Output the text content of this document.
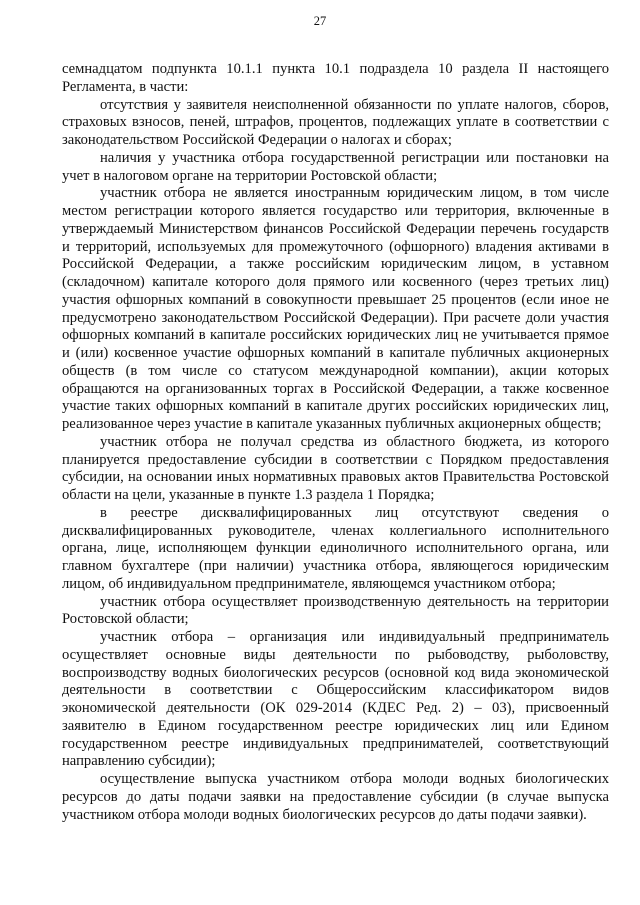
27

семнадцатом подпункта 10.1.1 пункта 10.1 подраздела 10 раздела II настоящего Регламента, в части:

отсутствия у заявителя неисполненной обязанности по уплате налогов, сборов, страховых взносов, пеней, штрафов, процентов, подлежащих уплате в соответствии с законодательством Российской Федерации о налогах и сборах;

наличия у участника отбора государственной регистрации или постановки на учет в налоговом органе на территории Ростовской области;

участник отбора не является иностранным юридическим лицом, в том числе местом регистрации которого является государство или территория, включенные в утверждаемый Министерством финансов Российской Федерации перечень государств и территорий, используемых для промежуточного (офшорного) владения активами в Российской Федерации, а также российским юридическим лицом, в уставном (складочном) капитале которого доля прямого или косвенного (через третьих лиц) участия офшорных компаний в совокупности превышает 25 процентов (если иное не предусмотрено законодательством Российской Федерации). При расчете доли участия офшорных компаний в капитале российских юридических лиц не учитывается прямое и (или) косвенное участие офшорных компаний в капитале публичных акционерных обществ (в том числе со статусом международной компании), акции которых обращаются на организованных торгах в Российской Федерации, а также косвенное участие таких офшорных компаний в капитале других российских юридических лиц, реализованное через участие в капитале указанных публичных акционерных обществ;

участник отбора не получал средства из областного бюджета, из которого планируется предоставление субсидии в соответствии с Порядком предоставления субсидии, на основании иных нормативных правовых актов Правительства Ростовской области на цели, указанные в пункте 1.3 раздела 1 Порядка;

в реестре дисквалифицированных лиц отсутствуют сведения о дисквалифицированных руководителе, членах коллегиального исполнительного органа, лице, исполняющем функции единоличного исполнительного органа, или главном бухгалтере (при наличии) участника отбора, являющегося юридическим лицом, об индивидуальном предпринимателе, являющемся участником отбора;

участник отбора осуществляет производственную деятельность на территории Ростовской области;

участник отбора – организация или индивидуальный предприниматель осуществляет основные виды деятельности по рыбоводству, рыболовству, воспроизводству водных биологических ресурсов (основной код вида экономической деятельности в соответствии с Общероссийским классификатором видов экономической деятельности (ОК 029-2014 (КДЕС Ред. 2) – 03), присвоенный заявителю в Едином государственном реестре юридических лиц или Едином государственном реестре индивидуальных предпринимателей, соответствующий направлению субсидии);

осуществление выпуска участником отбора молоди водных биологических ресурсов до даты подачи заявки на предоставление субсидии (в случае выпуска участником отбора молоди водных биологических ресурсов до даты подачи заявки).
